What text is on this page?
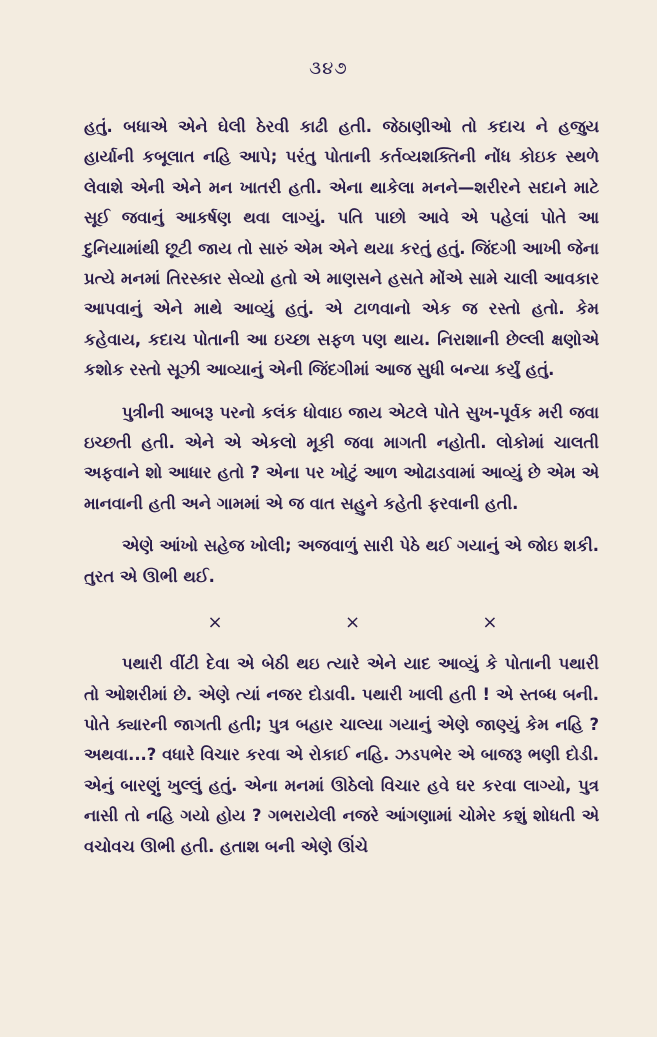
૩૪૭

હતું. બધાએ એને ઘેલી ઠેરવી કાઢી હતી. જેઠાણીઓ તો કદાચ ને હજુય હાર્યાની કબૂલાત નહિ આપે; પરંતુ પોતાની કર્તવ્યશક્તિની નોંધ કોઇક સ્થળે લેવાશે એની એને મન ખાતરી હતી. એના થાકેલા મનને—શરીરને સદાને માટે સૂઈ જવાનું આકર્ષણ થવા લાગ્યું. પતિ પાછો આવે એ પહેલાં પોતે આ દુનિયામાંથી છૂટી જાય તો સારું એમ એને થયા કરતું હતું. જિંદગી આખી જેના પ્રત્યે મનમાં તિરસ્કાર સેવ્યો હતો એ માણસને હસતે મોંએ સામે ચાલી આવકાર આપવાનું એને માથે આવ્યું હતું. એ ટાળવાનો એક જ રસ્તો હતો. કેમ કહેવાય, કદાચ પોતાની આ ઇચ્છા સફળ પણ થાય. નિરાશાની છેલ્લી ક્ષણોએ કશોક રસ્તો સૂઝી આવ્યાનું એની જિંદગીમાં આજ સુધી બન્યા કર્યું હતું.

પુત્રીની આબરૂ પરનો કલંક ધોવાઇ જાય એટલે પોતે સુખ-પૂર્વક મરી જવા ઇચ્છતી હતી. એને એ એકલો મૂકી જવા માગતી નહોતી. લોકોમાં ચાલતી અફવાને શો આધાર હતો ? એના પર ખોટું આળ ઓઢાડવામાં આવ્યું છે એમ એ માનવાની હતી અને ગામમાં એ જ વાત સહુને કહેતી ફરવાની હતી.

એણે આંખો સહેજ ખોલી; અજવાળું સારી પેઠે થઈ ગયાનું એ જોઇ શકી. તુરત એ ઊભી થઈ.

×	×	×

પથારી વીંટી દેવા એ બેઠી થઇ ત્યારે એને યાદ આવ્યું કે પોતાની પથારી તો ઓશરીમાં છે. એણે ત્યાં નજર દોડાવી. પથારી ખાલી હતી ! એ સ્તબ્ધ બની. પોતે ક્યારની જાગતી હતી; પુત્ર બહાર ચાલ્યા ગયાનું એણે જાણ્યું કેમ નહિ ? અથવા...? વધારે વિચાર કરવા એ રોકાઈ નહિ. ઝડપભેર એ બાજરૂ ભણી દોડી. એનું બારણું ખુલ્લું હતું. એના મનમાં ઊઠેલો વિચાર હવે ઘર કરવા લાગ્યો, પુત્ર નાસી તો નહિ ગયો હોય ? ગભરાયેલી નજરે આંગણામાં ચોમેર કશું શોધતી એ વચોવચ ઊભી હતી. હતાશ બની એણે ઊંચે
